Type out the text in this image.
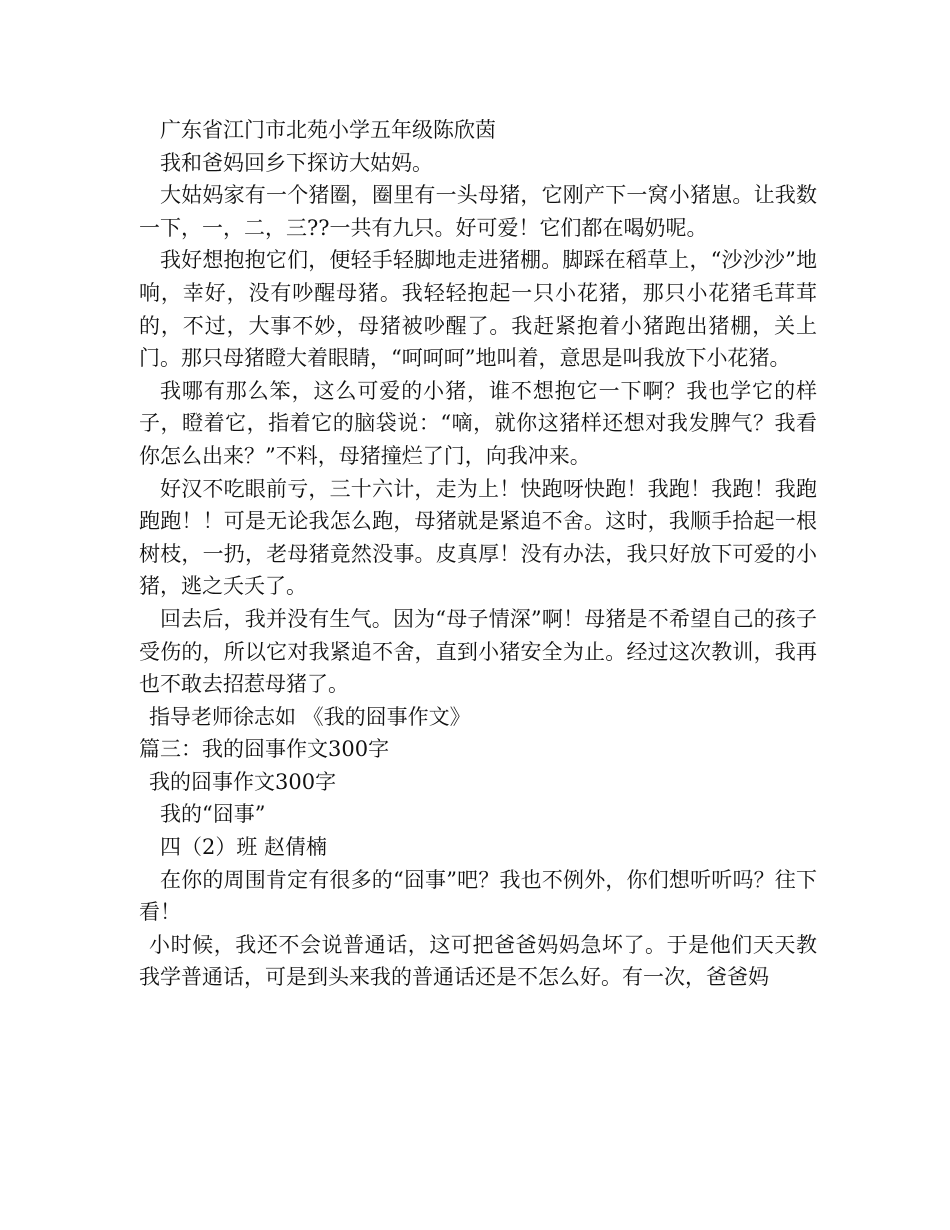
广东省江门市北苑小学五年级陈欣茵

我和爸妈回乡下探访大姑妈。

大姑妈家有一个猪圈，圈里有一头母猪，它刚产下一窝小猪崽。让我数一下，一，二，三??一共有九只。好可爱！它们都在喝奶呢。

我好想抱抱它们，便轻手轻脚地走进猪棚。脚踩在稻草上，“沙沙沙”地响，幸好，没有吵醒母猪。我轻轻抱起一只小花猪，那只小花猪毛茸茸的，不过，大事不妙，母猪被吵醒了。我赶紧抱着小猪跑出猪棚，关上门。那只母猪瞪大着眼睛，“呵呵呵”地叫着，意思是叫我放下小花猪。

我哪有那么笨，这么可爱的小猪，谁不想抱它一下啊？我也学它的样子，瞪着它，指着它的脑袋说：“嘀，就你这猪样还想对我发脾气？我看你怎么出来？”不料，母猪撞烂了门，向我冲来。

好汉不吃眼前亏，三十六计，走为上！快跑呀快跑！我跑！我跑！我跑跑跑！！可是无论我怎么跑，母猪就是紧追不舍。这时，我顺手拾起一根树枝，一扔，老母猪竟然没事。皮真厚！没有办法，我只好放下可爱的小猪，逃之夭夭了。

回去后，我并没有生气。因为“母子情深”啊！母猪是不希望自己的孩子受伤的，所以它对我紧追不舍，直到小猪安全为止。经过这次教训，我再也不敢去招惹母猪了。

指导老师徐志如 《我的囧事作文》

篇三：我的囧事作文300字

我的囧事作文300字

我的“囧事”

四（2）班 赵倩楠

在你的周围肯定有很多的“囧事”吧？我也不例外，你们想听听吗？往下看！

小时候，我还不会说普通话，这可把爸爸妈妈急坏了。于是他们天天教我学普通话，可是到头来我的普通话还是不怎么好。有一次，爸爸妈
